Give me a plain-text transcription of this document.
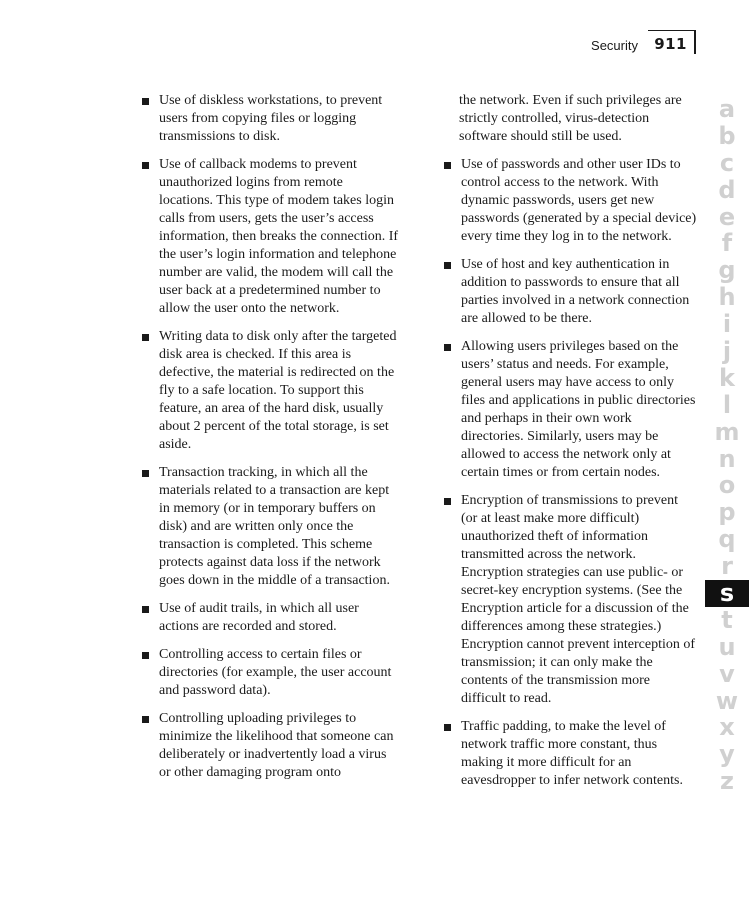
Security 911
Use of diskless workstations, to prevent users from copying files or logging transmissions to disk.
Use of callback modems to prevent unauthorized logins from remote locations. This type of modem takes login calls from users, gets the user’s access information, then breaks the connection. If the user’s login information and telephone number are valid, the modem will call the user back at a predetermined number to allow the user onto the network.
Writing data to disk only after the targeted disk area is checked. If this area is defective, the material is redirected on the fly to a safe location. To support this feature, an area of the hard disk, usually about 2 percent of the total storage, is set aside.
Transaction tracking, in which all the materials related to a transaction are kept in memory (or in temporary buffers on disk) and are written only once the transaction is completed. This scheme protects against data loss if the network goes down in the middle of a transaction.
Use of audit trails, in which all user actions are recorded and stored.
Controlling access to certain files or directories (for example, the user account and password data).
Controlling uploading privileges to minimize the likelihood that someone can deliberately or inadvertently load a virus or other damaging program onto

the network. Even if such privileges are strictly controlled, virus-detection software should still be used.

Use of passwords and other user IDs to control access to the network. With dynamic passwords, users get new passwords (generated by a special device) every time they log in to the network.
Use of host and key authentication in addition to passwords to ensure that all parties involved in a network connection are allowed to be there.
Allowing users privileges based on the users’ status and needs. For example, general users may have access to only files and applications in public directories and perhaps in their own work directories. Similarly, users may be allowed to access the network only at certain times or from certain nodes.
Encryption of transmissions to prevent (or at least make more difficult) unauthorized theft of information transmitted across the network. Encryption strategies can use public- or secret-key encryption systems. (See the Encryption article for a discussion of the differences among these strategies.) Encryption cannot prevent interception of transmission; it can only make the contents of the transmission more difficult to read.
Traffic padding, to make the level of network traffic more constant, thus making it more difficult for an eavesdropper to infer network contents.
a
b
c
d
e
f
g
h
i
j
k
l
m
n
o
p
q
r
s
t
u
v
w
x
y
z
